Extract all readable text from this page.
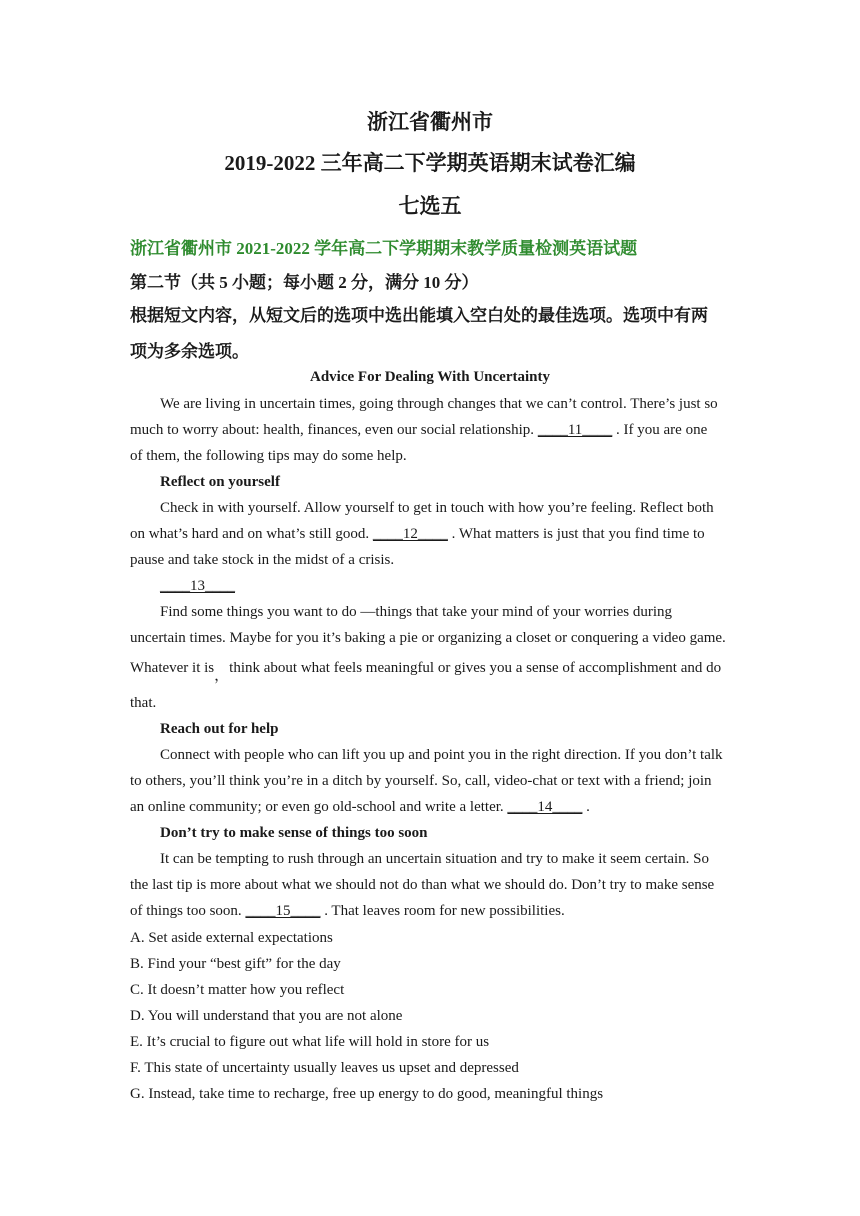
浙江省衢州市
2019-2022 三年高二下学期英语期末试卷汇编
七选五
浙江省衢州市 2021-2022 学年高二下学期期末教学质量检测英语试题
第二节（共 5 小题；每小题 2 分，满分 10 分）
根据短文内容，从短文后的选项中选出能填入空白处的最佳选项。选项中有两
项为多余选项。
Advice For Dealing With Uncertainty
We are living in uncertain times, going through changes that we can’t control. There’s just so
much to worry about: health, finances, even our social relationship. ____11____ . If you are one
of them, the following tips may do some help.
Reflect on yourself
Check in with yourself. Allow yourself to get in touch with how you’re feeling. Reflect both
on what’s hard and on what’s still good. ____12____ . What matters is just that you find time to
pause and take stock in the midst of a crisis.
____13____
Find some things you want to do —things that take your mind of your worries during
uncertain times. Maybe for you it’s baking a pie or organizing a closet or conquering a video game.
Whatever it is，think about what feels meaningful or gives you a sense of accomplishment and do
that.
Reach out for help
Connect with people who can lift you up and point you in the right direction. If you don’t talk
to others, you’ll think you’re in a ditch by yourself. So, call, video-chat or text with a friend; join
an online community; or even go old-school and write a letter. ____14____ .
Don’t try to make sense of things too soon
It can be tempting to rush through an uncertain situation and try to make it seem certain. So
the last tip is more about what we should not do than what we should do. Don’t try to make sense
of things too soon. ____15____ . That leaves room for new possibilities.
A. Set aside external expectations
B. Find your “best gift” for the day
C. It doesn’t matter how you reflect
D. You will understand that you are not alone
E. It’s crucial to figure out what life will hold in store for us
F. This state of uncertainty usually leaves us upset and depressed
G. Instead, take time to recharge, free up energy to do good, meaningful things
